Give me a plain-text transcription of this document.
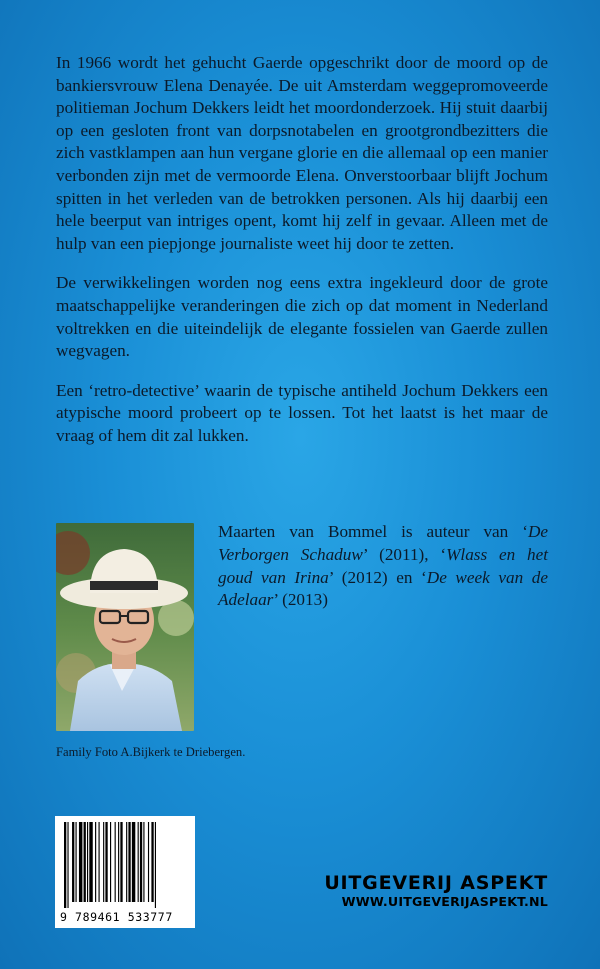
In 1966 wordt het gehucht Gaerde opgeschrikt door de moord op de bankiersvrouw Elena Denayée. De uit Amsterdam weggepromoveerde politieman Jochum Dekkers leidt het moordonderzoek. Hij stuit daarbij op een gesloten front van dorpsnotabelen en grootgrondbezitters die zich vastklampen aan hun vergane glorie en die allemaal op een manier verbonden zijn met de vermoorde Elena. Onverstoorbaar blijft Jochum spitten in het verleden van de betrokken personen. Als hij daarbij een hele beerput van intriges opent, komt hij zelf in gevaar. Alleen met de hulp van een piepjonge journaliste weet hij door te zetten.

De verwikkelingen worden nog eens extra ingekleurd door de grote maatschappelijke veranderingen die zich op dat moment in Nederland voltrekken en die uiteindelijk de elegante fossielen van Gaerde zullen wegvagen.

Een ‘retro-detective’ waarin de typische antiheld Jochum Dekkers een atypische moord probeert op te lossen. Tot het laatst is het maar de vraag of hem dit zal lukken.

Maarten van Bommel is auteur van ‘De Verborgen Schaduw’ (2011), ‘Wlass en het goud van Irina’ (2012) en ‘De week van de Adelaar’ (2013)
Family Foto A.Bijkerk te Driebergen.
9 789461 533777
UITGEVERIJ ASPEKT
WWW.UITGEVERIJASPEKT.NL
